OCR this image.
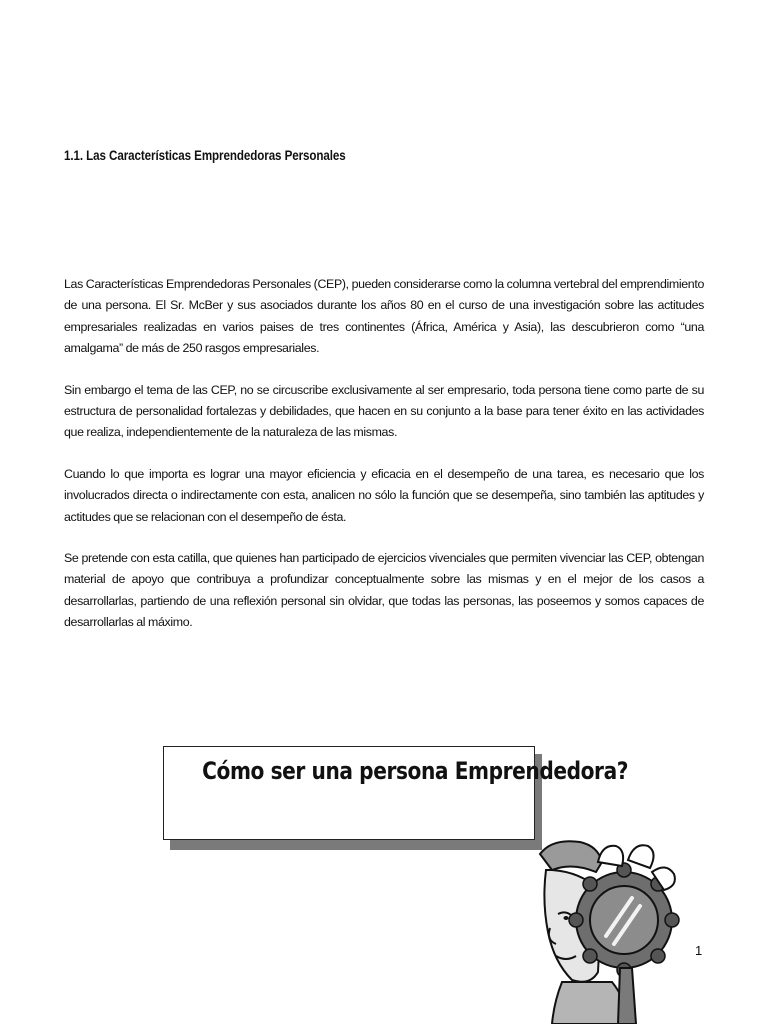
1.1. Las Características Emprendedoras Personales

Las Características Emprendedoras Personales (CEP), pueden considerarse como la columna vertebral del emprendimiento de una persona. El Sr. McBer y sus asociados durante los años 80 en el curso de una investigación sobre las actitudes empresariales realizadas en varios paises de tres continentes (África, América y Asia), las descubrieron como “una amalgama” de más de 250 rasgos empresariales.

Sin embargo el tema de las CEP, no se circuscribe exclusivamente al ser empresario, toda persona tiene como parte de su estructura de personalidad fortalezas y debilidades, que hacen en su conjunto a la base para tener éxito en las actividades que realiza, independientemente de la naturaleza de las mismas.

Cuando lo que importa es lograr una mayor eficiencia y eficacia en el desempeño de una tarea, es necesario que los involucrados directa o indirectamente con esta, analicen no sólo la función que se desempeña, sino también las aptitudes y actitudes que se relacionan con el desempeño de ésta.

Se pretende con esta catilla, que quienes han participado de ejercicios vivenciales que permiten vivenciar las CEP, obtengan material de apoyo que contribuya a profundizar conceptualmente sobre las mismas y en el mejor de los casos a desarrollarlas, partiendo de una reflexión personal sin olvidar, que todas las personas, las poseemos y somos capaces de desarrollarlas al máximo.

Cómo ser una persona Emprendedora?
1
